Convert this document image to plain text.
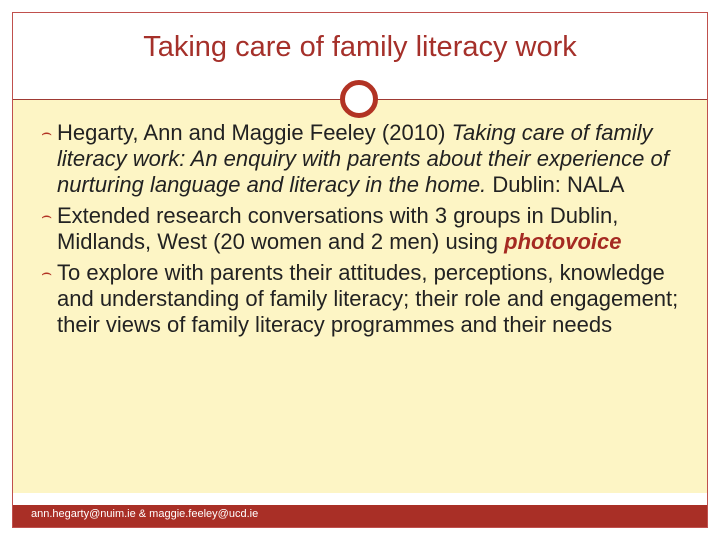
Taking care of family literacy work
⌢ Hegarty, Ann and Maggie Feeley (2010) Taking care of family literacy work: An enquiry with parents about their experience of nurturing language and literacy in the home. Dublin: NALA
⌢ Extended research conversations with 3 groups in Dublin, Midlands, West (20 women and 2 men) using photovoice
⌢ To explore with parents their attitudes, perceptions, knowledge and understanding of family literacy; their role and engagement; their views of family literacy programmes and their needs
ann.hegarty@nuim.ie & maggie.feeley@ucd.ie
